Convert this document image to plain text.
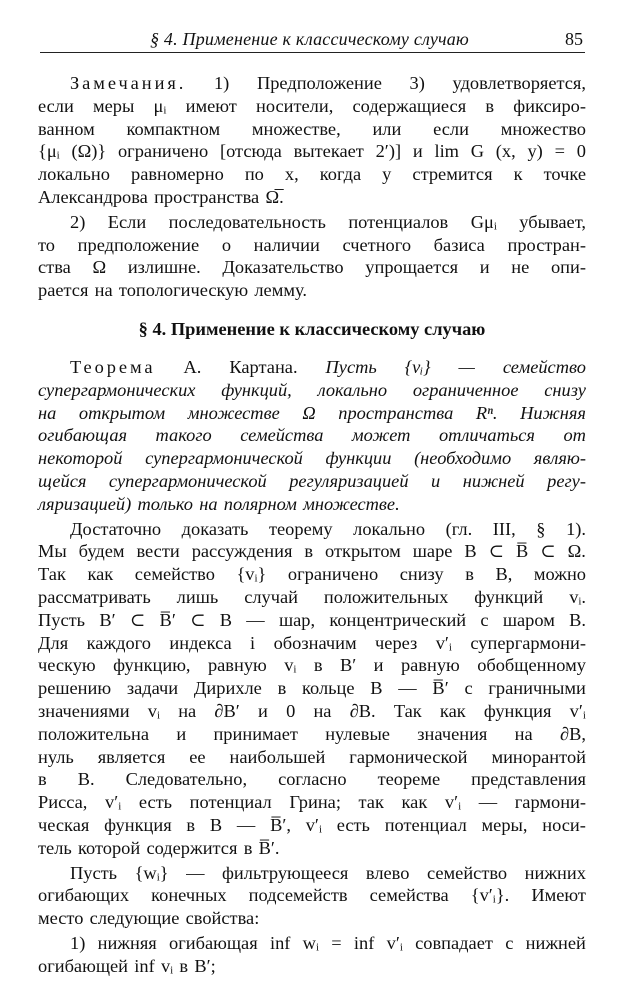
§ 4. Применение к классическому случаю	85
Замечания. 1) Предположение 3) удовлетворяется,
если меры μᵢ имеют носители, содержащиеся в фиксиро-
ванном компактном множестве, или если множество
{μᵢ (Ω)} ограничено [отсюда вытекает 2′)] и lim G (x, y) = 0
локально равномерно по x, когда y стремится к точке
Александрова пространства Ω̅.
2) Если последовательность потенциалов Gμᵢ убывает,
то предположение о наличии счетного базиса простран-
ства Ω излишне. Доказательство упрощается и не опи-
рается на топологическую лемму.
§ 4. Применение к классическому случаю
Теорема А. Картана. Пусть {vᵢ} — семейство
супергармонических функций, локально ограниченное снизу
на открытом множестве Ω пространства Rⁿ. Нижняя
огибающая такого семейства может отличаться от
некоторой супергармонической функции (необходимо являю-
щейся супергармонической регуляризацией и нижней регу-
ляризацией) только на полярном множестве.
Достаточно доказать теорему локально (гл. III, § 1).
Мы будем вести рассуждения в открытом шаре B ⊂ B̅ ⊂ Ω.
Так как семейство {vᵢ} ограничено снизу в B, можно
рассматривать лишь случай положительных функций vᵢ.
Пусть B′ ⊂ B̅′ ⊂ B — шар, концентрический с шаром B.
Для каждого индекса i обозначим через v′ᵢ супергармони-
ческую функцию, равную vᵢ в B′ и равную обобщенному
решению задачи Дирихле в кольце B — B̅′ с граничными
значениями vᵢ на ∂B′ и 0 на ∂B. Так как функция v′ᵢ
положительна и принимает нулевые значения на ∂B,
нуль является ее наибольшей гармонической минорантой
в B. Следовательно, согласно теореме представления
Рисса, v′ᵢ есть потенциал Грина; так как v′ᵢ — гармони-
ческая функция в B — B̅′, v′ᵢ есть потенциал меры, носи-
тель которой содержится в B̅′.
Пусть {wᵢ} — фильтрующееся влево семейство нижних
огибающих конечных подсемейств семейства {v′ᵢ}. Имеют
место следующие свойства:
1) нижняя огибающая inf wᵢ = inf v′ᵢ совпадает с нижней
огибающей inf vᵢ в B′;
